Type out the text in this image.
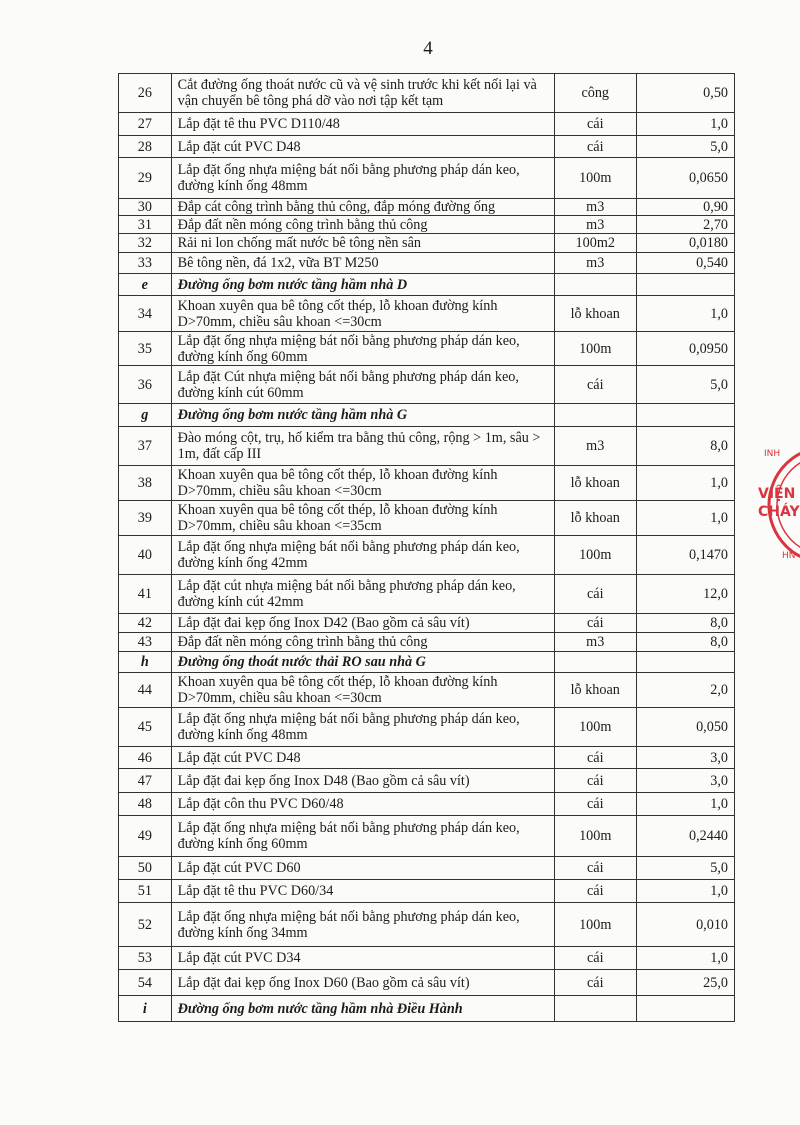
4
26	Cắt đường ống thoát nước cũ và vệ sinh trước khi kết nối lại và vận chuyển bê tông phá dỡ vào nơi tập kết tạm	công	0,50
27	Lắp đặt tê thu PVC D110/48	cái	1,0
28	Lắp đặt cút PVC D48	cái	5,0
29	Lắp đặt ống nhựa miệng bát nối bằng phương pháp dán keo, đường kính ống 48mm	100m	0,0650
30	Đắp cát công trình bằng thủ công, đắp móng đường ống	m3	0,90
31	Đắp đất nền móng công trình bằng thủ công	m3	2,70
32	Rải ni lon chống mất nước bê tông nền sân	100m2	0,0180
33	Bê tông nền, đá 1x2, vữa BT M250	m3	0,540
e	Đường ống bơm nước tầng hầm nhà D		
34	Khoan xuyên qua bê tông cốt thép, lỗ khoan đường kính D>70mm, chiều sâu khoan <=30cm	lỗ khoan	1,0
35	Lắp đặt ống nhựa miệng bát nối bằng phương pháp dán keo, đường kính ống 60mm	100m	0,0950
36	Lắp đặt Cút nhựa miệng bát nối bằng phương pháp dán keo, đường kính cút 60mm	cái	5,0
g	Đường ống bơm nước tầng hầm nhà G		
37	Đào móng cột, trụ, hố kiểm tra bằng thủ công, rộng > 1m, sâu > 1m, đất cấp III	m3	8,0
38	Khoan xuyên qua bê tông cốt thép, lỗ khoan đường kính D>70mm, chiều sâu khoan <=30cm	lỗ khoan	1,0
39	Khoan xuyên qua bê tông cốt thép, lỗ khoan đường kính D>70mm, chiều sâu khoan <=35cm	lỗ khoan	1,0
40	Lắp đặt ống nhựa miệng bát nối bằng phương pháp dán keo, đường kính ống 42mm	100m	0,1470
41	Lắp đặt cút nhựa miệng bát nối bằng phương pháp dán keo, đường kính cút 42mm	cái	12,0
42	Lắp đặt đai kẹp ống Inox D42 (Bao gồm cả sâu vít)	cái	8,0
43	Đắp đất nền móng công trình bằng thủ công	m3	8,0
h	Đường ống thoát nước thải RO sau nhà G		
44	Khoan xuyên qua bê tông cốt thép, lỗ khoan đường kính D>70mm, chiều sâu khoan <=30cm	lỗ khoan	2,0
45	Lắp đặt ống nhựa miệng bát nối bằng phương pháp dán keo, đường kính ống 48mm	100m	0,050
46	Lắp đặt cút PVC D48	cái	3,0
47	Lắp đặt đai kẹp ống Inox D48 (Bao gồm cả sâu vít)	cái	3,0
48	Lắp đặt côn thu PVC D60/48	cái	1,0
49	Lắp đặt ống nhựa miệng bát nối bằng phương pháp dán keo, đường kính ống 60mm	100m	0,2440
50	Lắp đặt cút PVC D60	cái	5,0
51	Lắp đặt tê thu PVC D60/34	cái	1,0
52	Lắp đặt ống nhựa miệng bát nối bằng phương pháp dán keo, đường kính ống 34mm	100m	0,010
53	Lắp đặt cút PVC D34	cái	1,0
54	Lắp đặt đai kẹp ống Inox D60 (Bao gồm cả sâu vít)	cái	25,0
i	Đường ống bơm nước tầng hầm nhà Điều Hành		
INH
VIỆN
CHÁY
HN
